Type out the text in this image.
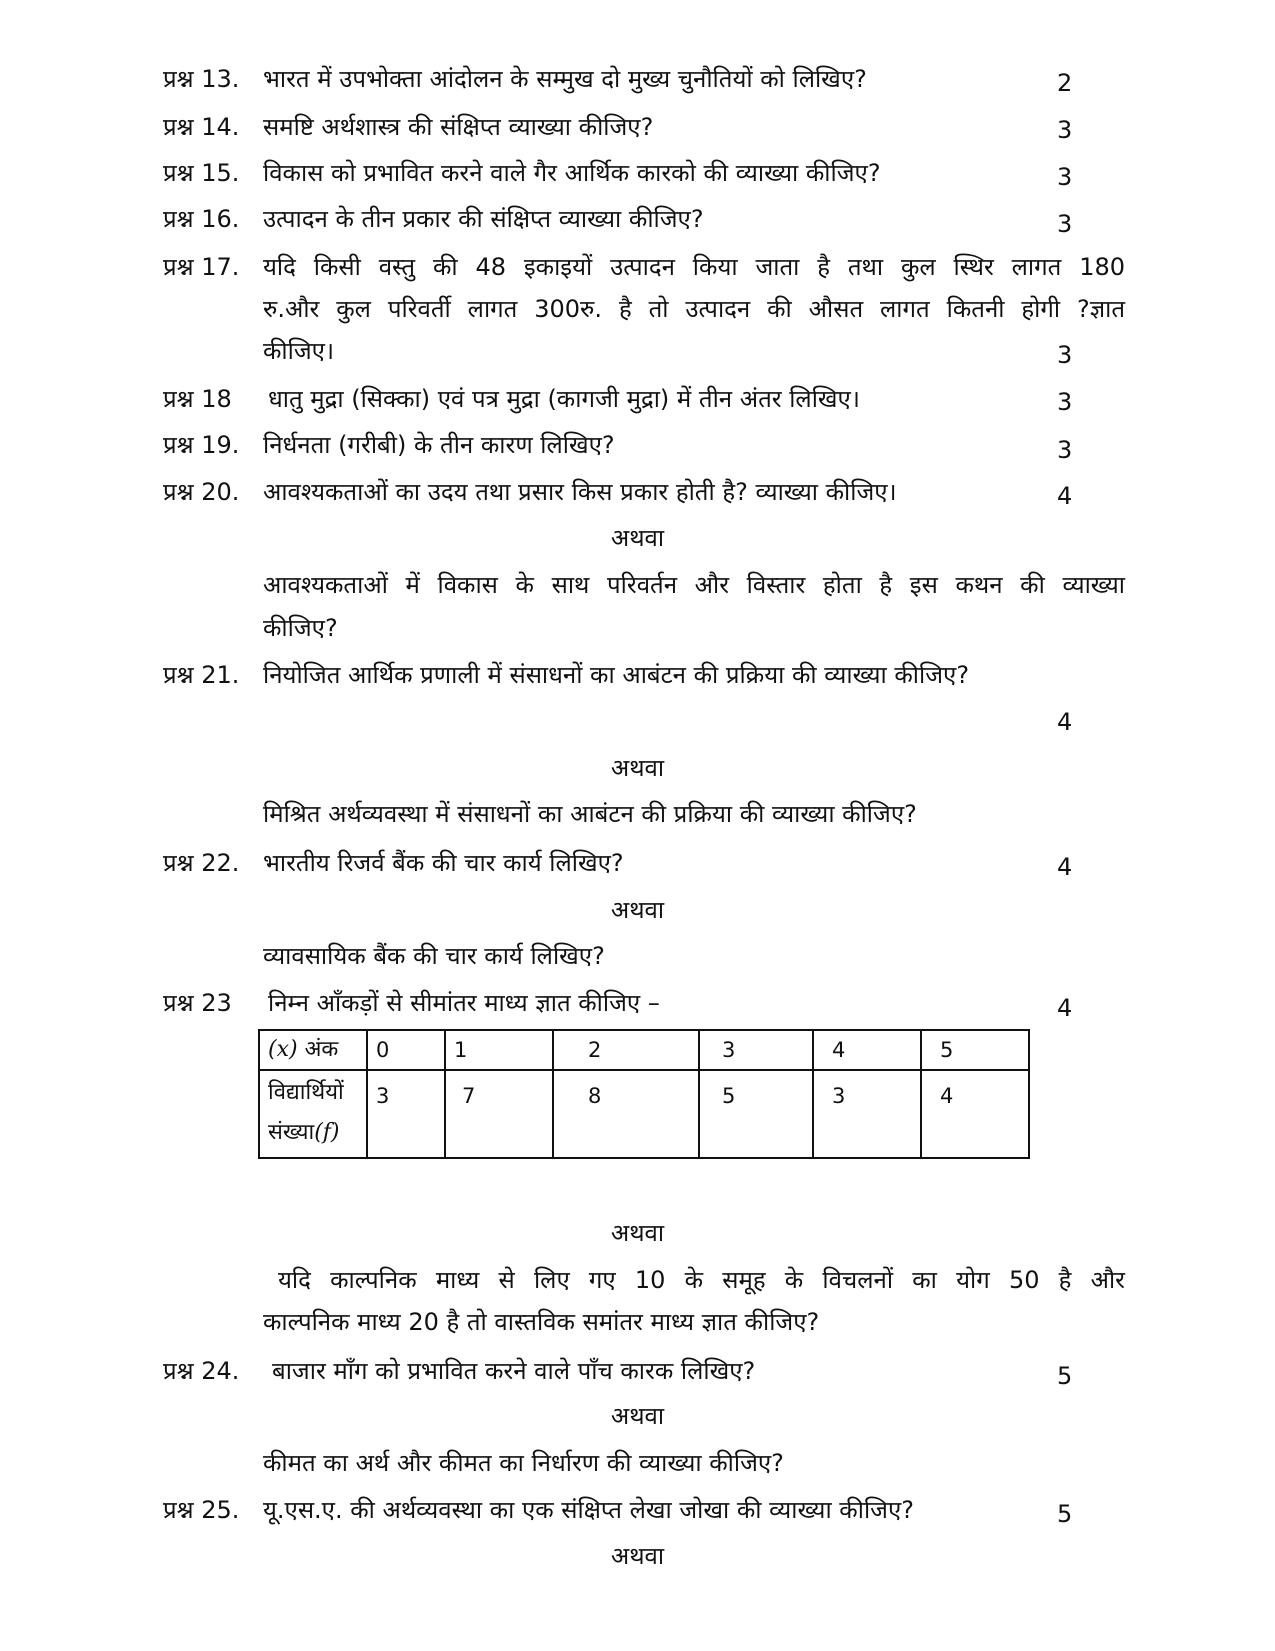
प्रश्न 13. भारत में उपभोक्ता आंदोलन के सम्मुख दो मुख्य चुनौतियों को लिखिए?	2
प्रश्न 14. समष्टि अर्थशास्त्र की संक्षिप्त व्याख्या कीजिए?	3
प्रश्न 15. विकास को प्रभावित करने वाले गैर आर्थिक कारको की व्याख्या कीजिए?	3
प्रश्न 16. उत्पादन के तीन प्रकार की संक्षिप्त व्याख्या कीजिए?	3
प्रश्न 17. यदि किसी वस्तु की 48 इकाइयों उत्पादन किया जाता है तथा कुल स्थिर लागत 180
रु.और कुल परिवर्ती लागत 300रु. है तो उत्पादन की औसत लागत कितनी होगी ?ज्ञात
कीजिए।	3
प्रश्न 18 धातु मुद्रा (सिक्का) एवं पत्र मुद्रा (कागजी मुद्रा) में तीन अंतर लिखिए।	3
प्रश्न 19. निर्धनता (गरीबी) के तीन कारण लिखिए?	3
प्रश्न 20. आवश्यकताओं का उदय तथा प्रसार किस प्रकार होती है? व्याख्या कीजिए।	4
अथवा
आवश्यकताओं में विकास के साथ परिवर्तन और विस्तार होता है इस कथन की व्याख्या
कीजिए?
प्रश्न 21. नियोजित आर्थिक प्रणाली में संसाधनों का आबंटन की प्रक्रिया की व्याख्या कीजिए?
4
अथवा
मिश्रित अर्थव्यवस्था में संसाधनों का आबंटन की प्रक्रिया की व्याख्या कीजिए?
प्रश्न 22. भारतीय रिजर्व बैंक की चार कार्य लिखिए?	4
अथवा
व्यावसायिक बैंक की चार कार्य लिखिए?
प्रश्न 23 निम्न आँकड़ों से सीमांतर माध्य ज्ञात कीजिए –	4
(x) अंक	0	1	2	3	4	5
विद्यार्थियों
संख्या(f)	3	7	8	5	3	4
अथवा
यदि काल्पनिक माध्य से लिए गए 10 के समूह के विचलनों का योग 50 है और
काल्पनिक माध्य 20 है तो वास्तविक समांतर माध्य ज्ञात कीजिए?
प्रश्न 24. बाजार माँग को प्रभावित करने वाले पाँच कारक लिखिए?	5
अथवा
कीमत का अर्थ और कीमत का निर्धारण की व्याख्या कीजिए?
प्रश्न 25. यू.एस.ए. की अर्थव्यवस्था का एक संक्षिप्त लेखा जोखा की व्याख्या कीजिए?	5
अथवा
